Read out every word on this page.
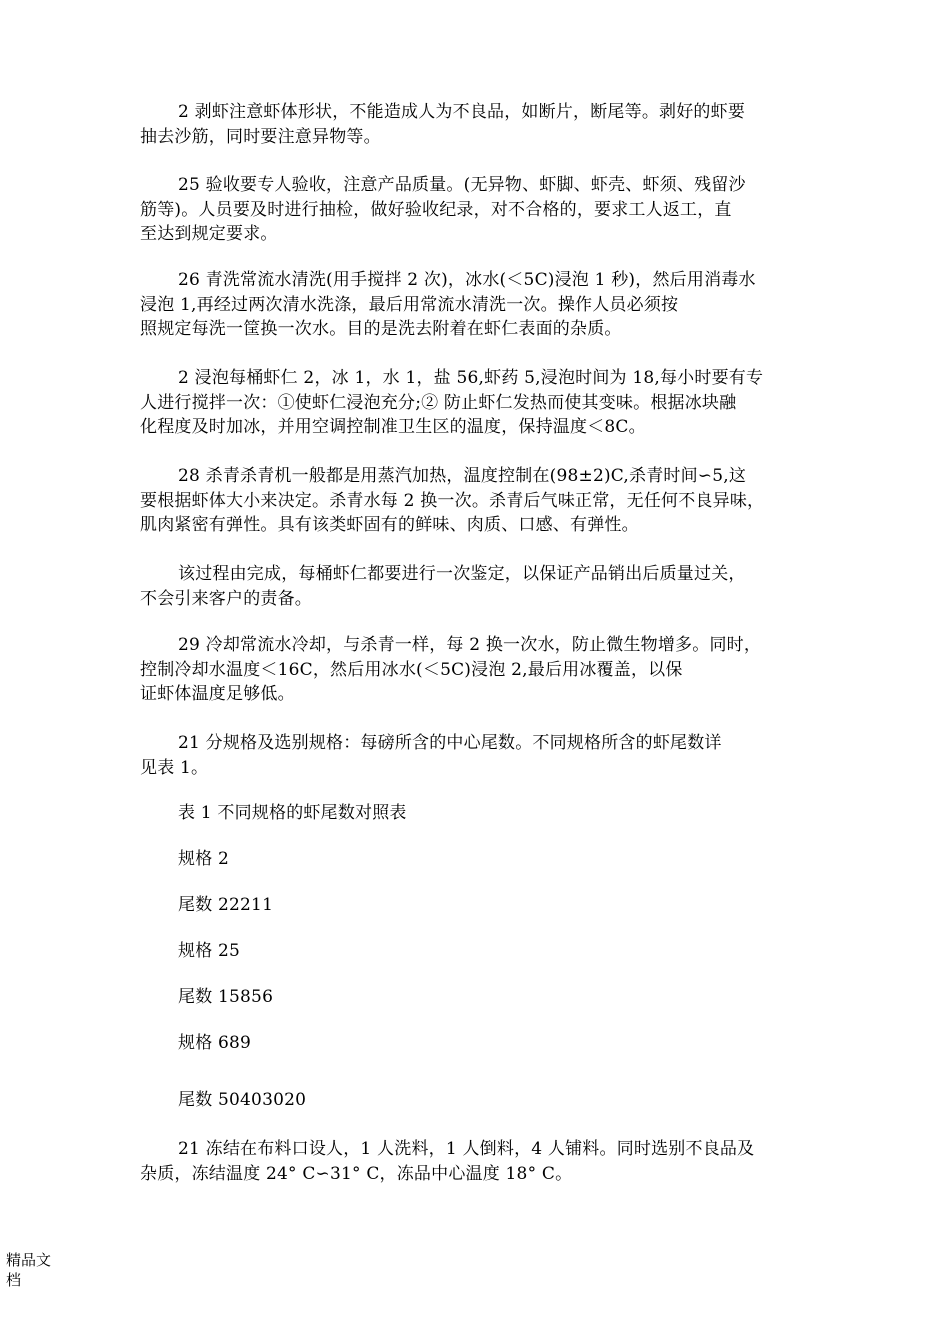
2 剥虾注意虾体形状，不能造成人为不良品，如断片，断尾等。剥好的虾要
抽去沙筋，同时要注意异物等。
25 验收要专人验收，注意产品质量。(无异物、虾脚、虾壳、虾须、残留沙
筋等)。人员要及时进行抽检，做好验收纪录，对不合格的，要求工人返工，直
至达到规定要求。
26 青洗常流水清洗(用手搅拌 2 次)，冰水(＜5C)浸泡 1 秒)，然后用消毒水
浸泡 1,再经过两次清水洗涤，最后用常流水清洗一次。操作人员必须按
照规定每洗一筐换一次水。目的是洗去附着在虾仁表面的杂质。
2 浸泡每桶虾仁 2，冰 1，水 1，盐 56,虾药 5,浸泡时间为 18,每小时要有专
人进行搅拌一次：①使虾仁浸泡充分;② 防止虾仁发热而使其变味。根据冰块融
化程度及时加冰，并用空调控制准卫生区的温度，保持温度＜8C。
28 杀青杀青机一般都是用蒸汽加热，温度控制在(98±2)C,杀青时间∽5,这
要根据虾体大小来决定。杀青水每 2 换一次。杀青后气味正常，无任何不良异味，
肌肉紧密有弹性。具有该类虾固有的鲜味、肉质、口感、有弹性。
该过程由完成，每桶虾仁都要进行一次鉴定，以保证产品销出后质量过关，
不会引来客户的责备。
29 冷却常流水冷却，与杀青一样，每 2 换一次水，防止微生物增多。同时，
控制冷却水温度＜16C，然后用冰水(＜5C)浸泡 2,最后用冰覆盖，以保
证虾体温度足够低。
21 分规格及选别规格：每磅所含的中心尾数。不同规格所含的虾尾数详
见表 1。
表 1 不同规格的虾尾数对照表
规格 2
尾数 22211
规格 25
尾数 15856
规格 689
尾数 50403020
21 冻结在布料口设人，1 人洗料，1 人倒料，4 人铺料。同时选别不良品及
杂质，冻结温度 24° C∽31° C，冻品中心温度 18° C。
精品文
档
